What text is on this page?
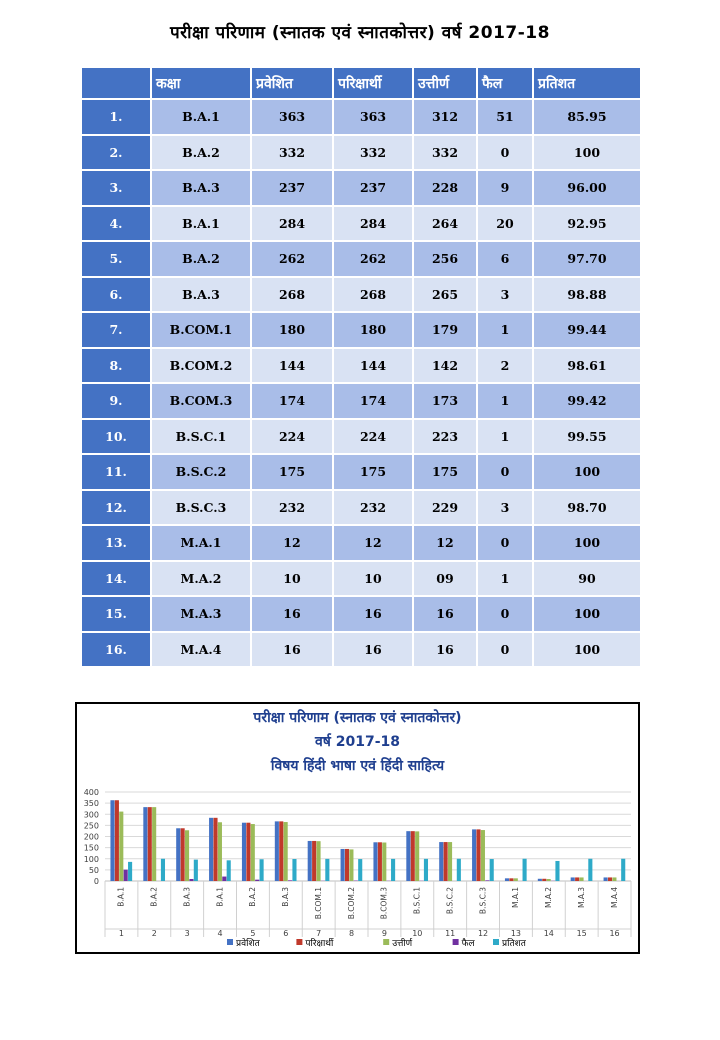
परीक्षा परिणाम (स्नातक एवं स्नातकोत्तर) वर्ष 2017-18
	कक्षा	प्रवेशित	परिक्षार्थी	उत्तीर्ण	फैल	प्रतिशत
1.	B.A.1	363	363	312	51	85.95
2.	B.A.2	332	332	332	0	100
3.	B.A.3	237	237	228	9	96.00
4.	B.A.1	284	284	264	20	92.95
5.	B.A.2	262	262	256	6	97.70
6.	B.A.3	268	268	265	3	98.88
7.	B.COM.1	180	180	179	1	99.44
8.	B.COM.2	144	144	142	2	98.61
9.	B.COM.3	174	174	173	1	99.42
10.	B.S.C.1	224	224	223	1	99.55
11.	B.S.C.2	175	175	175	0	100
12.	B.S.C.3	232	232	229	3	98.70
13.	M.A.1	12	12	12	0	100
14.	M.A.2	10	10	09	1	90
15.	M.A.3	16	16	16	0	100
16.	M.A.4	16	16	16	0	100
परीक्षा परिणाम (स्नातक एवं स्नातकोत्तर)
वर्ष 2017-18
विषय हिंदी भाषा एवं हिंदी साहित्य
0
50
100
150
200
250
300
350
400
B.A.1
1
B.A.2
2
B.A.3
3
B.A.1
4
B.A.2
5
B.A.3
6
B.COM.1
7
B.COM.2
8
B.COM.3
9
B.S.C.1
10
B.S.C.2
11
B.S.C.3
12
M.A.1
13
M.A.2
14
M.A.3
15
M.A.4
16
प्रवेशित	परिक्षार्थी	उत्तीर्ण	फैल	प्रतिशत
